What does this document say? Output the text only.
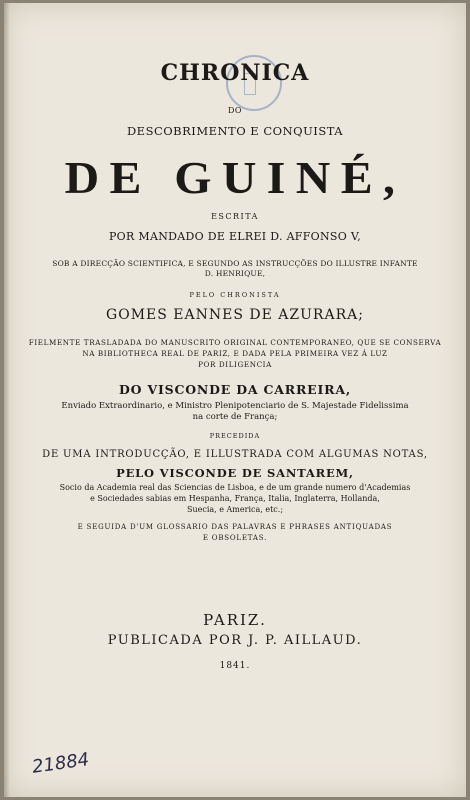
CHRONICA
DO
DESCOBRIMENTO E CONQUISTA
DE GUINÉ,
ESCRITA
POR MANDADO DE ELREI D. AFFONSO V,
SOB A DIRECÇÃO SCIENTIFICA, E SEGUNDO AS INSTRUCÇÕES DO ILLUSTRE INFANTE
D. HENRIQUE,
PELO CHRONISTA
GOMES EANNES DE AZURARA;
FIELMENTE TRASLADADA DO MANUSCRITO ORIGINAL CONTEMPORANEO, QUE SE CONSERVA
NA BIBLIOTHECA REAL DE PARIZ, E DADA PELA PRIMEIRA VEZ Á LUZ
POR DILIGENCIA
DO VISCONDE DA CARREIRA,
Enviado Extraordinario, e Ministro Plenipotenciario de S. Majestade Fidelissima
na corte de França;
PRECEDIDA
DE UMA INTRODUCÇÃO, E ILLUSTRADA COM ALGUMAS NOTAS,
PELO VISCONDE DE SANTAREM,
Socio da Academia real das Sciencias de Lisboa, e de um grande numero d'Academias
e Sociedades sabias em Hespanha, França, Italia, Inglaterra, Hollanda,
Suecia, e America, etc.;
E SEGUIDA D'UM GLOSSARIO DAS PALAVRAS E PHRASES ANTIQUADAS
E OBSOLETAS.
PARIZ.
PUBLICADA POR J. P. AILLAUD.
1841.
21884
